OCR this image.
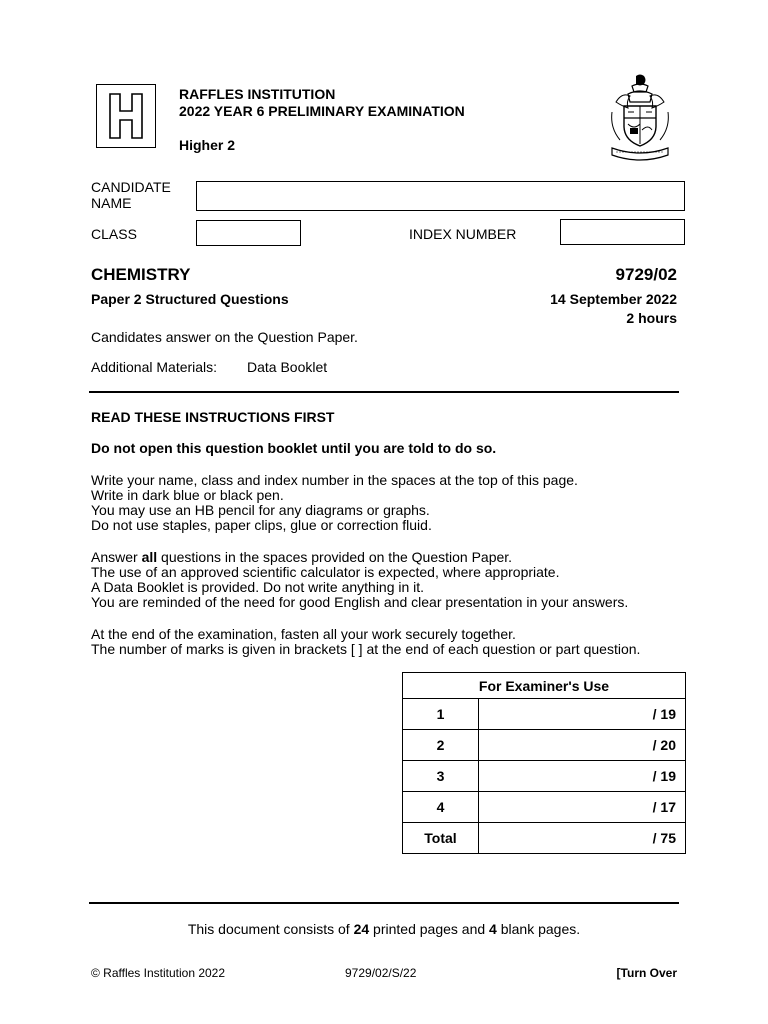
RAFFLES INSTITUTION
2022 YEAR 6 PRELIMINARY EXAMINATION
Higher 2
CANDIDATE
NAME
CLASS	INDEX NUMBER
CHEMISTRY	9729/02
Paper 2 Structured Questions	14 September 2022
2 hours
Candidates answer on the Question Paper.
Additional Materials: Data Booklet
READ THESE INSTRUCTIONS FIRST
Do not open this question booklet until you are told to do so.
Write your name, class and index number in the spaces at the top of this page.
Write in dark blue or black pen.
You may use an HB pencil for any diagrams or graphs.
Do not use staples, paper clips, glue or correction fluid.
Answer all questions in the spaces provided on the Question Paper.
The use of an approved scientific calculator is expected, where appropriate.
A Data Booklet is provided. Do not write anything in it.
You are reminded of the need for good English and clear presentation in your answers.
At the end of the examination, fasten all your work securely together.
The number of marks is given in brackets [ ] at the end of each question or part question.
For Examiner's Use	
1	/ 19
2	/ 20
3	/ 19
4	/ 17
Total	/ 75
This document consists of 24 printed pages and 4 blank pages.
© Raffles Institution 2022	9729/02/S/22	[Turn Over
